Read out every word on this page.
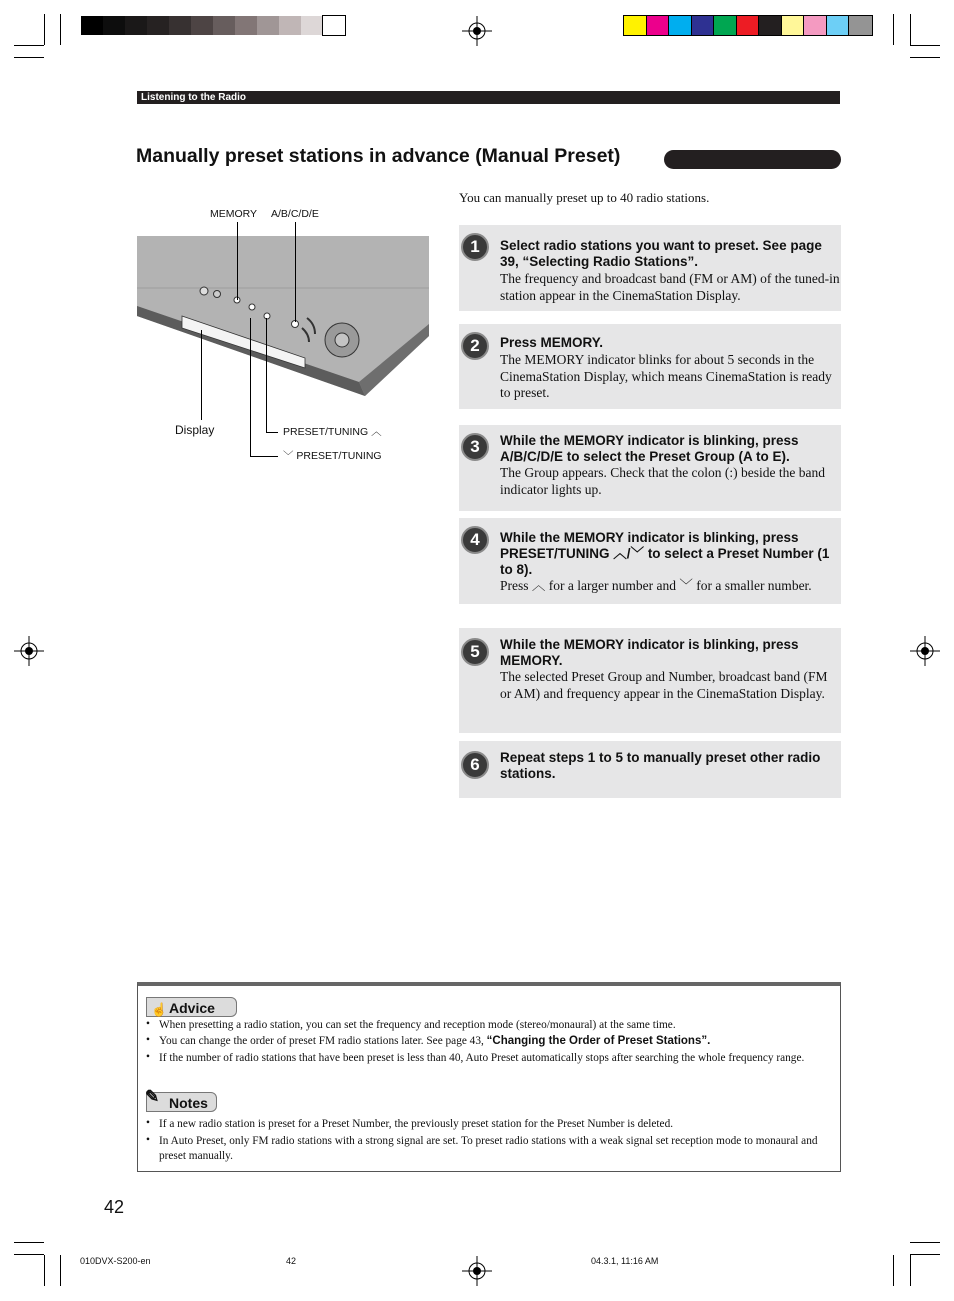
Listening to the Radio
Manually preset stations in advance (Manual Preset)
You can manually preset up to 40 radio stations.
MEMORY A/B/C/D/E
Display	PRESET/TUNING ︿
﹀ PRESET/TUNING
1	Select radio stations you want to preset. See page 39, “Selecting Radio Stations”.
The frequency and broadcast band (FM or AM) of the tuned-in station appear in the CinemaStation Display.
2	Press MEMORY.
The MEMORY indicator blinks for about 5 seconds in the CinemaStation Display, which means CinemaStation is ready to preset.
3	While the MEMORY indicator is blinking, press A/B/C/D/E to select the Preset Group (A to E).
The Group appears. Check that the colon (:) beside the band indicator lights up.
4	While the MEMORY indicator is blinking, press PRESET/TUNING ︿/﹀ to select a Preset Number (1 to 8).
Press ︿ for a larger number and ﹀ for a smaller number.
5	While the MEMORY indicator is blinking, press MEMORY.
The selected Preset Group and Number, broadcast band (FM or AM) and frequency appear in the CinemaStation Display.
6	Repeat steps 1 to 5 to manually preset other radio stations.
☝ Advice
• When presetting a radio station, you can set the frequency and reception mode (stereo/monaural) at the same time.
• You can change the order of preset FM radio stations later. See page 43, “Changing the Order of Preset Stations”.
• If the number of radio stations that have been preset is less than 40, Auto Preset automatically stops after searching the whole frequency range.
✎ Notes
• If a new radio station is preset for a Preset Number, the previously preset station for the Preset Number is deleted.
• In Auto Preset, only FM radio stations with a strong signal are set. To preset radio stations with a weak signal set reception mode to monaural and preset manually.
42
010DVX-S200-en	42	04.3.1, 11:16 AM
